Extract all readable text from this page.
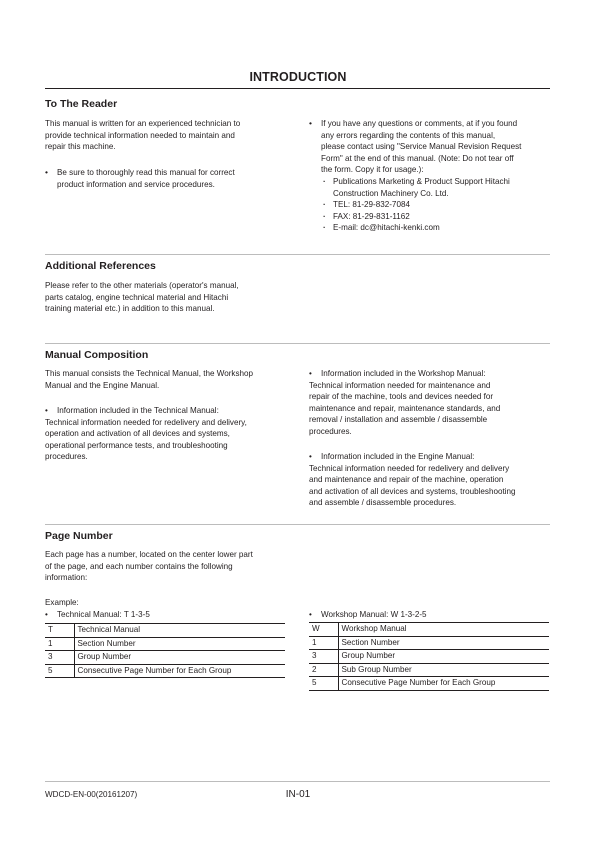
INTRODUCTION
To The Reader
This manual is written for an experienced technician to
provide technical information needed to maintain and
repair this machine.
• Be sure to thoroughly read this manual for correct
product information and service procedures.
• If you have any questions or comments, at if you found
any errors regarding the contents of this manual,
please contact using "Service Manual Revision Request
Form" at the end of this manual. (Note: Do not tear off
the form. Copy it for usage.):
· Publications Marketing & Product Support Hitachi
Construction Machinery Co. Ltd.
· TEL: 81-29-832-7084
· FAX: 81-29-831-1162
· E-mail: dc@hitachi-kenki.com
Additional References
Please refer to the other materials (operator's manual,
parts catalog, engine technical material and Hitachi
training material etc.) in addition to this manual.
Manual Composition
This manual consists the Technical Manual, the Workshop
Manual and the Engine Manual.
• Information included in the Technical Manual:
Technical information needed for redelivery and delivery,
operation and activation of all devices and systems,
operational performance tests, and troubleshooting
procedures.
• Information included in the Workshop Manual:
Technical information needed for maintenance and
repair of the machine, tools and devices needed for
maintenance and repair, maintenance standards, and
removal / installation and assemble / disassemble
procedures.
• Information included in the Engine Manual:
Technical information needed for redelivery and delivery
and maintenance and repair of the machine, operation
and activation of all devices and systems, troubleshooting
and assemble / disassemble procedures.
Page Number
Each page has a number, located on the center lower part
of the page, and each number contains the following
information:
Example:
• Technical Manual: T 1-3-5	• Workshop Manual: W 1-3-2-5
T	Technical Manual
1	Section Number
3	Group Number
5	Consecutive Page Number for Each Group
W	Workshop Manual
1	Section Number
3	Group Number
2	Sub Group Number
5	Consecutive Page Number for Each Group
WDCD-EN-00(20161207)	IN-01
